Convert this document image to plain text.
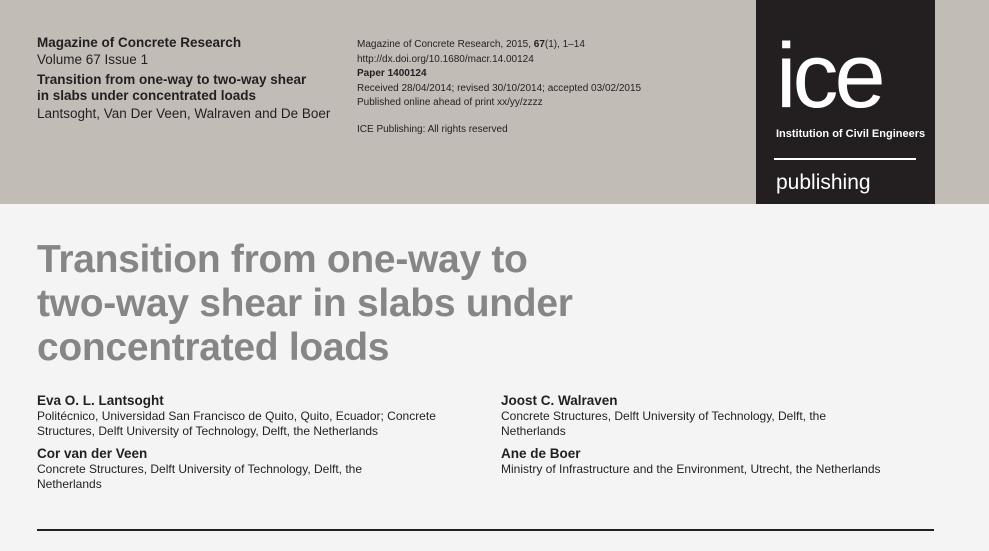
Magazine of Concrete Research

Volume 67 Issue 1

Transition from one-way to two-way shear
in slabs under concentrated loads

Lantsoght, Van Der Veen, Walraven and De Boer

Magazine of Concrete Research, 2015, 67(1), 1–14
http://dx.doi.org/10.1680/macr.14.00124
Paper 1400124
Received 28/04/2014; revised 30/10/2014; accepted 03/02/2015
Published online ahead of print xx/yy/zzzz
ICE Publishing: All rights reserved
ice
Institution of Civil Engineers
publishing
Transition from one-way to
two-way shear in slabs under
concentrated loads
Eva O. L. Lantsoght
Politécnico, Universidad San Francisco de Quito, Quito, Ecuador; Concrete
Structures, Delft University of Technology, Delft, the Netherlands
Cor van der Veen
Concrete Structures, Delft University of Technology, Delft, the
Netherlands
Joost C. Walraven
Concrete Structures, Delft University of Technology, Delft, the
Netherlands
Ane de Boer
Ministry of Infrastructure and the Environment, Utrecht, the Netherlands
